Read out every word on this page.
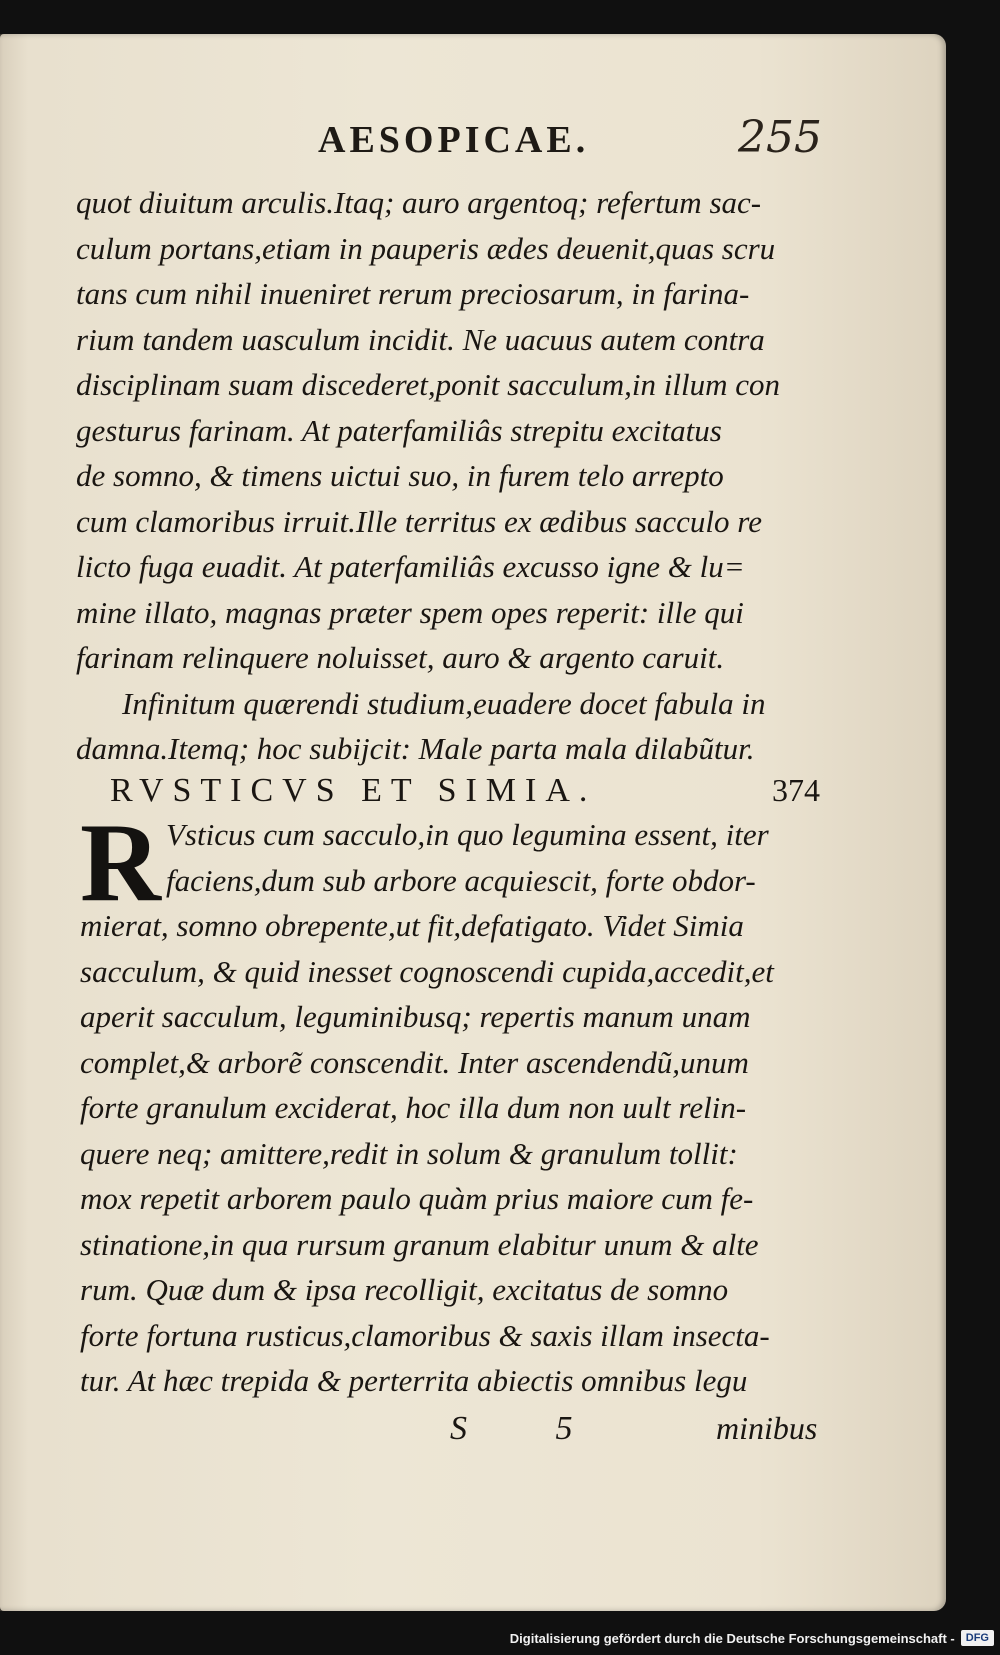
AESOPICAE.	255
quot diuitum arculis.Itaq; auro argentoq; refertum sac-
culum portans,etiam in pauperis ædes deuenit,quas scru
tans cum nihil inueniret rerum preciosarum, in farina-
rium tandem uasculum incidit. Ne uacuus autem contra
disciplinam suam discederet,ponit sacculum,in illum con
gesturus farinam. At paterfamiliâs strepitu excitatus
de somno, & timens uictui suo, in furem telo arrepto
cum clamoribus irruit.Ille territus ex ædibus sacculo re
licto fuga euadit. At paterfamiliâs excusso igne & lu=
mine illato, magnas præter spem opes reperit: ille qui
farinam relinquere noluisset, auro & argento caruit.
Infinitum quærendi studium,euadere docet fabula in
damna.Itemq; hoc subijcit: Male parta mala dilabũtur.
RVSTICVS ET SIMIA.	374
R Vsticus cum sacculo,in quo legumina essent, iter
faciens,dum sub arbore acquiescit, forte obdor-
mierat, somno obrepente,ut fit,defatigato. Videt Simia
sacculum, & quid inesset cognoscendi cupida,accedit,et
aperit sacculum, leguminibusq; repertis manum unam
complet,& arborẽ conscendit. Inter ascendendũ,unum
forte granulum exciderat, hoc illa dum non uult relin-
quere neq; amittere,redit in solum & granulum tollit:
mox repetit arborem paulo quàm prius maiore cum fe-
stinatione,in qua rursum granum elabitur unum & alte
rum. Quæ dum & ipsa recolligit, excitatus de somno
forte fortuna rusticus,clamoribus & saxis illam insecta-
tur. At hæc trepida & perterrita abiectis omnibus legu
S 5	minibus
Digitalisierung gefördert durch die Deutsche Forschungsgemeinschaft -	DFG
